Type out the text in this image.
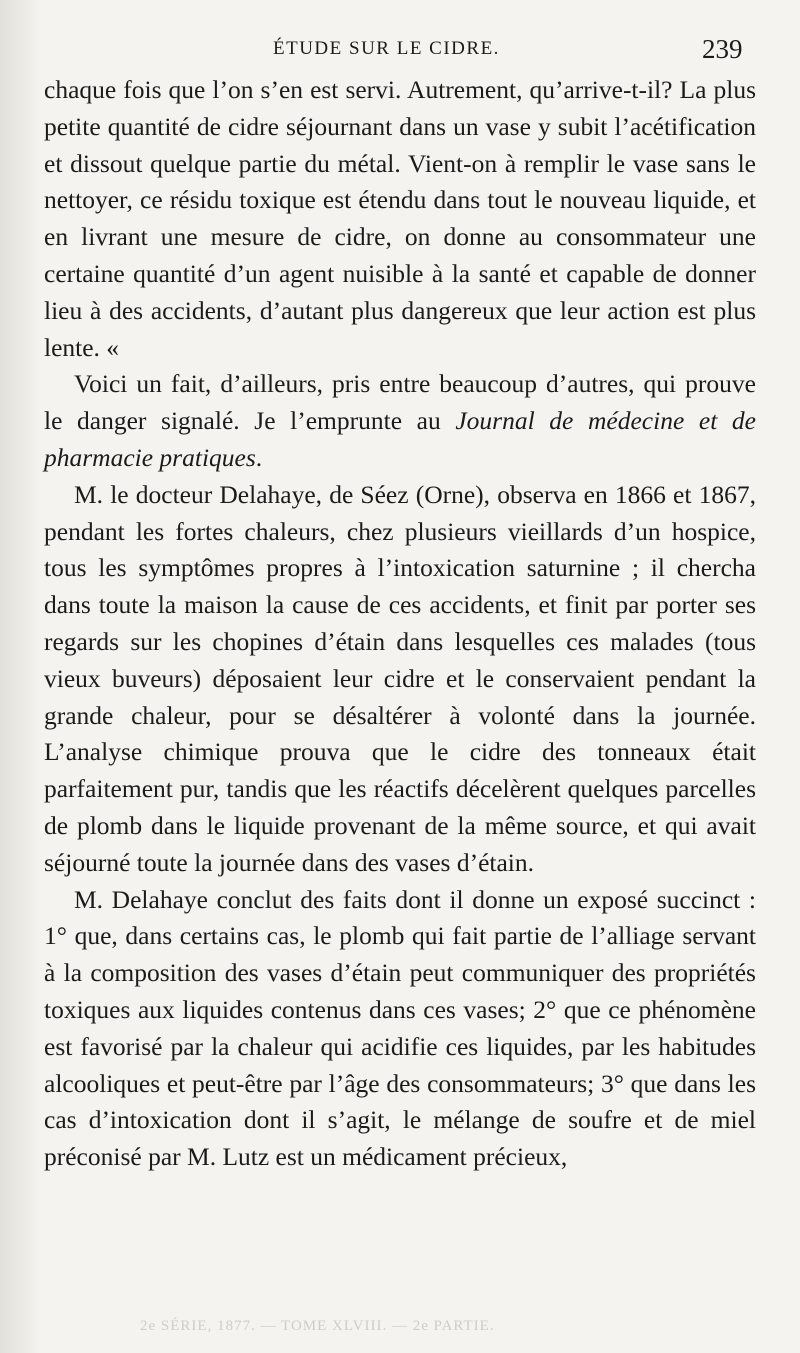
ÉTUDE SUR LE CIDRE.	239

chaque fois que l’on s’en est servi. Autrement, qu’arrive-t-il? La plus petite quantité de cidre séjournant dans un vase y subit l’acétification et dissout quelque partie du métal. Vient-on à remplir le vase sans le nettoyer, ce résidu toxique est étendu dans tout le nouveau liquide, et en livrant une mesure de cidre, on donne au consommateur une certaine quantité d’un agent nuisible à la santé et capable de donner lieu à des accidents, d’autant plus dangereux que leur action est plus lente. «

Voici un fait, d’ailleurs, pris entre beaucoup d’autres, qui prouve le danger signalé. Je l’emprunte au Journal de médecine et de pharmacie pratiques.

M. le docteur Delahaye, de Séez (Orne), observa en 1866 et 1867, pendant les fortes chaleurs, chez plusieurs vieillards d’un hospice, tous les symptômes propres à l’intoxication saturnine ; il chercha dans toute la maison la cause de ces accidents, et finit par porter ses regards sur les chopines d’étain dans lesquelles ces malades (tous vieux buveurs) déposaient leur cidre et le conservaient pendant la grande chaleur, pour se désaltérer à volonté dans la journée. L’analyse chimique prouva que le cidre des tonneaux était parfaitement pur, tandis que les réactifs décelèrent quelques parcelles de plomb dans le liquide provenant de la même source, et qui avait séjourné toute la journée dans des vases d’étain.

M. Delahaye conclut des faits dont il donne un exposé succinct : 1° que, dans certains cas, le plomb qui fait partie de l’alliage servant à la composition des vases d’étain peut communiquer des propriétés toxiques aux liquides contenus dans ces vases; 2° que ce phénomène est favorisé par la chaleur qui acidifie ces liquides, par les habitudes alcooliques et peut-être par l’âge des consommateurs; 3° que dans les cas d’intoxication dont il s’agit, le mélange de soufre et de miel préconisé par M. Lutz est un médicament précieux,

2e SÉRIE, 1877. — TOME XLVIII. — 2e PARTIE.
